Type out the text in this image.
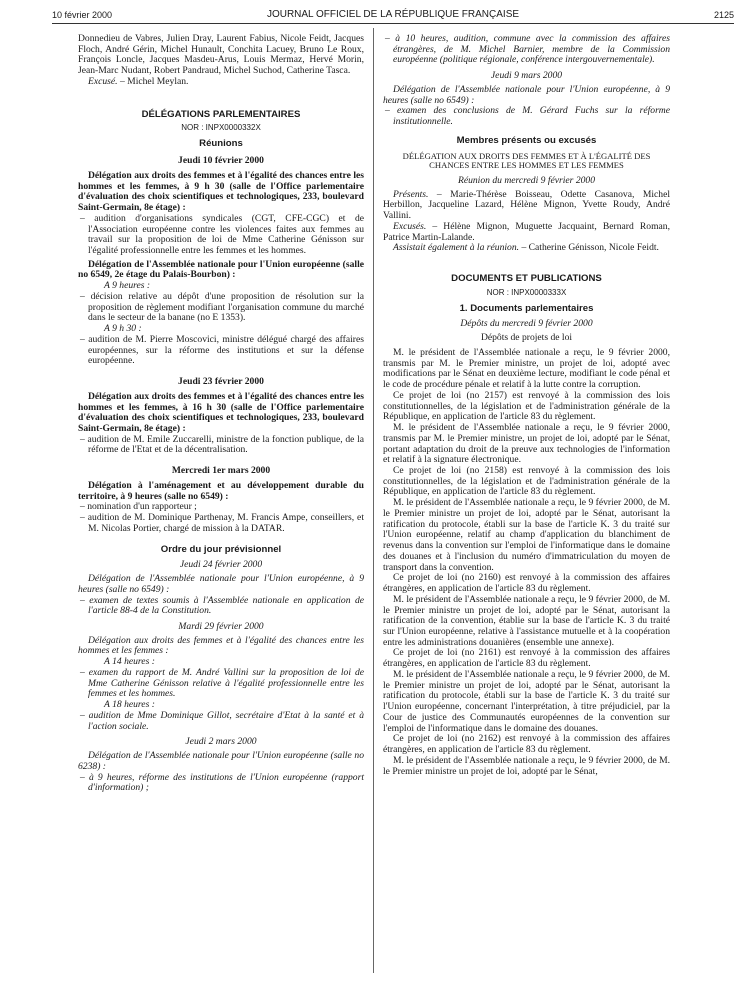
10 février 2000	JOURNAL OFFICIEL DE LA RÉPUBLIQUE FRANÇAISE	2125

Donnedieu de Vabres, Julien Dray, Laurent Fabius, Nicole Feidt, Jacques Floch, André Gérin, Michel Hunault, Conchita Lacuey, Bruno Le Roux, François Loncle, Jacques Masdeu-Arus, Louis Mermaz, Hervé Morin, Jean-Marc Nudant, Robert Pandraud, Michel Suchod, Catherine Tasca.

Excusé. – Michel Meylan.

DÉLÉGATIONS PARLEMENTAIRES
NOR : INPX0000332X
Réunions
Jeudi 10 février 2000

Délégation aux droits des femmes et à l'égalité des chances entre les hommes et les femmes, à 9 h 30 (salle de l'Office parlementaire d'évaluation des choix scientifiques et technologiques, 233, boulevard Saint-Germain, 8e étage) :

– audition d'organisations syndicales (CGT, CFE-CGC) et de l'Association européenne contre les violences faites aux femmes au travail sur la proposition de loi de Mme Catherine Génisson sur l'égalité professionnelle entre les femmes et les hommes.

Délégation de l'Assemblée nationale pour l'Union européenne (salle no 6549, 2e étage du Palais-Bourbon) :

A 9 heures :

– décision relative au dépôt d'une proposition de résolution sur la proposition de règlement modifiant l'organisation commune du marché dans le secteur de la banane (no E 1353).

A 9 h 30 :

– audition de M. Pierre Moscovici, ministre délégué chargé des affaires européennes, sur la réforme des institutions et sur la défense européenne.

Jeudi 23 février 2000

Délégation aux droits des femmes et à l'égalité des chances entre les hommes et les femmes, à 16 h 30 (salle de l'Office parlementaire d'évaluation des choix scientifiques et technologiques, 233, boulevard Saint-Germain, 8e étage) :

– audition de M. Emile Zuccarelli, ministre de la fonction publique, de la réforme de l'Etat et de la décentralisation.

Mercredi 1er mars 2000

Délégation à l'aménagement et au développement durable du territoire, à 9 heures (salle no 6549) :

– nomination d'un rapporteur ;

– audition de M. Dominique Parthenay, M. Francis Ampe, conseillers, et M. Nicolas Portier, chargé de mission à la DATAR.

Ordre du jour prévisionnel
Jeudi 24 février 2000

Délégation de l'Assemblée nationale pour l'Union européenne, à 9 heures (salle no 6549) :

– examen de textes soumis à l'Assemblée nationale en application de l'article 88-4 de la Constitution.

Mardi 29 février 2000

Délégation aux droits des femmes et à l'égalité des chances entre les hommes et les femmes :

A 14 heures :

– examen du rapport de M. André Vallini sur la proposition de loi de Mme Catherine Génisson relative à l'égalité professionnelle entre les femmes et les hommes.

A 18 heures :

– audition de Mme Dominique Gillot, secrétaire d'Etat à la santé et à l'action sociale.

Jeudi 2 mars 2000

Délégation de l'Assemblée nationale pour l'Union européenne (salle no 6238) :

– à 9 heures, réforme des institutions de l'Union européenne (rapport d'information) ;

– à 10 heures, audition, commune avec la commission des affaires étrangères, de M. Michel Barnier, membre de la Commission européenne (politique régionale, conférence intergouvernementale).

Jeudi 9 mars 2000

Délégation de l'Assemblée nationale pour l'Union européenne, à 9 heures (salle no 6549) :

– examen des conclusions de M. Gérard Fuchs sur la réforme institutionnelle.

Membres présents ou excusés

DÉLÉGATION AUX DROITS DES FEMMES ET À L'ÉGALITÉ DES CHANCES ENTRE LES HOMMES ET LES FEMMES

Réunion du mercredi 9 février 2000

Présents. – Marie-Thérèse Boisseau, Odette Casanova, Michel Herbillon, Jacqueline Lazard, Hélène Mignon, Yvette Roudy, André Vallini.

Excusés. – Hélène Mignon, Muguette Jacquaint, Bernard Roman, Patrice Martin-Lalande.

Assistait également à la réunion. – Catherine Génisson, Nicole Feidt.

DOCUMENTS ET PUBLICATIONS
NOR : INPX0000333X
1. Documents parlementaires
Dépôts du mercredi 9 février 2000

Dépôts de projets de loi

M. le président de l'Assemblée nationale a reçu, le 9 février 2000, transmis par M. le Premier ministre, un projet de loi, adopté avec modifications par le Sénat en deuxième lecture, modifiant le code pénal et le code de procédure pénale et relatif à la lutte contre la corruption.

Ce projet de loi (no 2157) est renvoyé à la commission des lois constitutionnelles, de la législation et de l'administration générale de la République, en application de l'article 83 du règlement.

M. le président de l'Assemblée nationale a reçu, le 9 février 2000, transmis par M. le Premier ministre, un projet de loi, adopté par le Sénat, portant adaptation du droit de la preuve aux technologies de l'information et relatif à la signature électronique.

Ce projet de loi (no 2158) est renvoyé à la commission des lois constitutionnelles, de la législation et de l'administration générale de la République, en application de l'article 83 du règlement.

M. le président de l'Assemblée nationale a reçu, le 9 février 2000, de M. le Premier ministre un projet de loi, adopté par le Sénat, autorisant la ratification du protocole, établi sur la base de l'article K. 3 du traité sur l'Union européenne, relatif au champ d'application du blanchiment de revenus dans la convention sur l'emploi de l'informatique dans le domaine des douanes et à l'inclusion du numéro d'immatriculation du moyen de transport dans la convention.

Ce projet de loi (no 2160) est renvoyé à la commission des affaires étrangères, en application de l'article 83 du règlement.

M. le président de l'Assemblée nationale a reçu, le 9 février 2000, de M. le Premier ministre un projet de loi, adopté par le Sénat, autorisant la ratification de la convention, établie sur la base de l'article K. 3 du traité sur l'Union européenne, relative à l'assistance mutuelle et à la coopération entre les administrations douanières (ensemble une annexe).

Ce projet de loi (no 2161) est renvoyé à la commission des affaires étrangères, en application de l'article 83 du règlement.

M. le président de l'Assemblée nationale a reçu, le 9 février 2000, de M. le Premier ministre un projet de loi, adopté par le Sénat, autorisant la ratification du protocole, établi sur la base de l'article K. 3 du traité sur l'Union européenne, concernant l'interprétation, à titre préjudiciel, par la Cour de justice des Communautés européennes de la convention sur l'emploi de l'informatique dans le domaine des douanes.

Ce projet de loi (no 2162) est renvoyé à la commission des affaires étrangères, en application de l'article 83 du règlement.

M. le président de l'Assemblée nationale a reçu, le 9 février 2000, de M. le Premier ministre un projet de loi, adopté par le Sénat,
